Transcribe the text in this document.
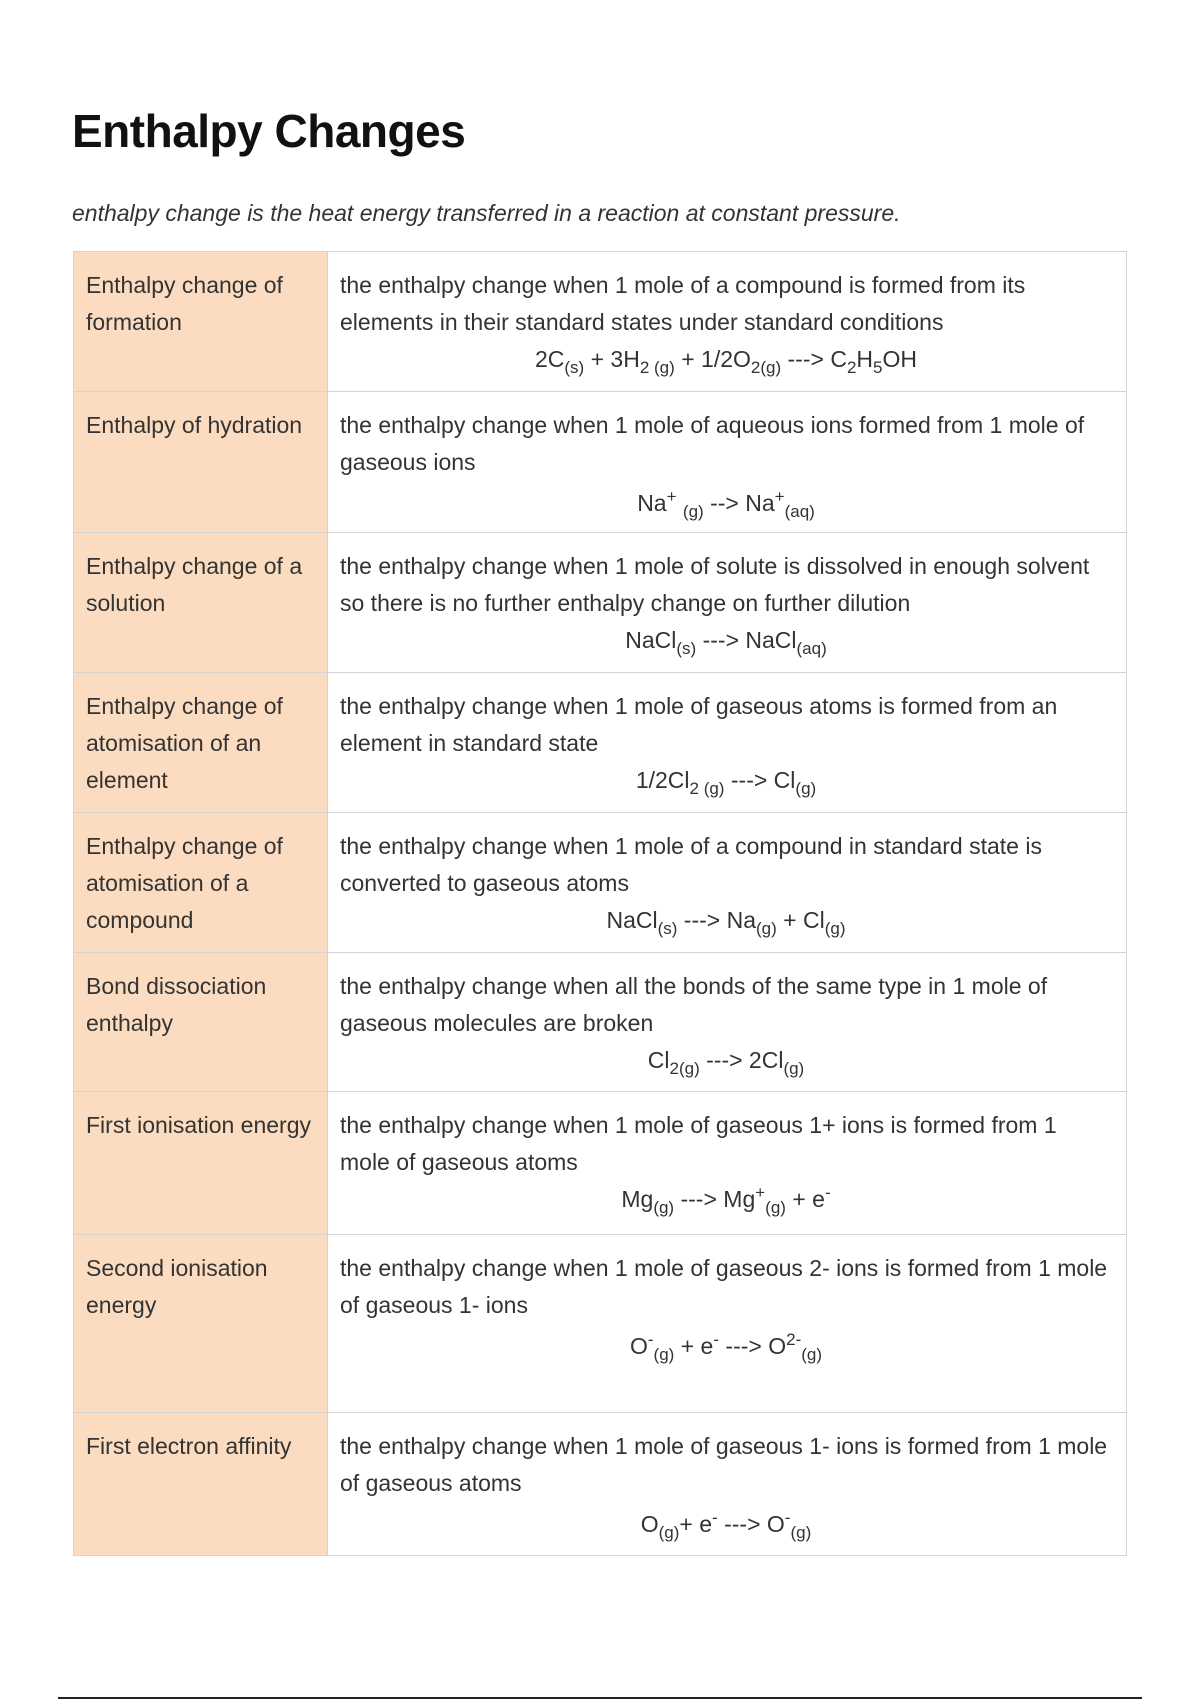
Enthalpy Changes

enthalpy change is the heat energy transferred in a reaction at constant pressure.

Enthalpy change of formation	the enthalpy change when 1 mole of a compound is formed from its elements in their standard states under standard conditions
$2C_{(s)} + 3H_{2 (g)} + 1/2O_{2(g)}$ ---> $C_2H_5OH$

Enthalpy of hydration	the enthalpy change when 1 mole of aqueous ions formed from 1 mole of gaseous ions
Na+ $_{(g)}$ --> $Na^+_{(aq)}$

Enthalpy change of a solution	the enthalpy change when 1 mole of solute is dissolved in enough solvent so there is no further enthalpy change on further dilution
NaCl$_{(s)}$ ---> NaCl$_{(aq)}$

Enthalpy change of atomisation of an element	the enthalpy change when 1 mole of gaseous atoms is formed from an element in standard state
$1/2Cl_{2 (g)}$ ---> $Cl_{(g)}$

Enthalpy change of atomisation of a compound	the enthalpy change when 1 mole of a compound in standard state is converted to gaseous atoms
NaCl$_{(s)}$ ---> $Na_{(g)} + Cl_{(g)}$

Bond dissociation enthalpy	the enthalpy change when all the bonds of the same type in 1 mole of gaseous molecules are broken
$Cl_{2(g)}$ ---> $2Cl_{(g)}$

First ionisation energy	the enthalpy change when 1 mole of gaseous 1+ ions is formed from 1 mole of gaseous atoms
$Mg_{(g)}$ ---> $Mg^+_{(g)} + e^-$

Second ionisation energy	the enthalpy change when 1 mole of gaseous 2- ions is formed from 1 mole of gaseous 1- ions
$O^-_{(g)} + e^-$ ---> $O^{2-}_{(g)}$

First electron affinity	the enthalpy change when 1 mole of gaseous 1- ions is formed from 1 mole of gaseous atoms
$O_{(g)}+ e^-$ ---> $O^-_{(g)}$
